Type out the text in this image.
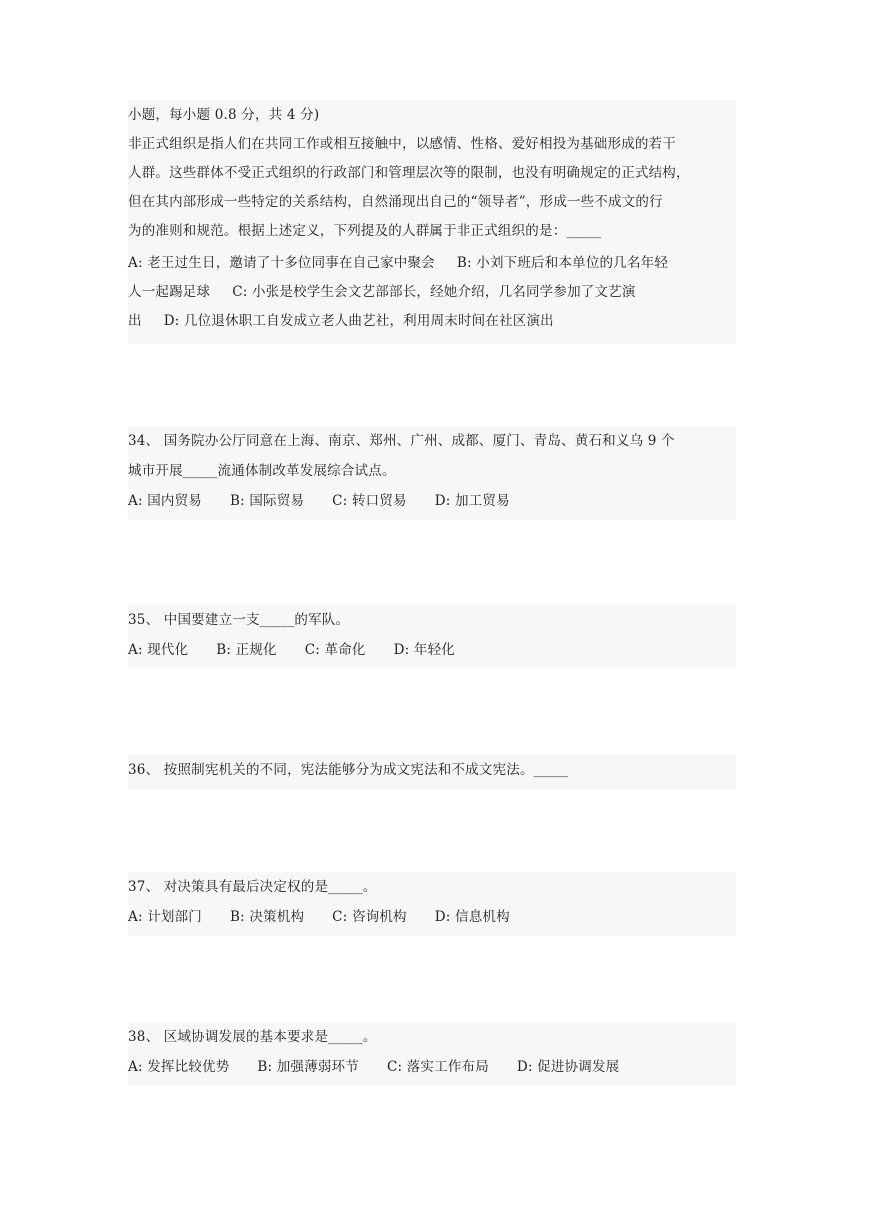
小题，每小题 0.8 分，共 4 分)
非正式组织是指人们在共同工作或相互接触中，以感情、性格、爱好相投为基础形成的若干
人群。这些群体不受正式组织的行政部门和管理层次等的限制，也没有明确规定的正式结构，
但在其内部形成一些特定的关系结构，自然涌现出自己的“领导者”，形成一些不成文的行
为的准则和规范。根据上述定义，下列提及的人群属于非正式组织的是：_____
A: 老王过生日，邀请了十多位同事在自己家中聚会 B: 小刘下班后和本单位的几名年轻
人一起踢足球 C: 小张是校学生会文艺部部长，经她介绍，几名同学参加了文艺演
出 D: 几位退休职工自发成立老人曲艺社，利用周末时间在社区演出
34、 国务院办公厅同意在上海、南京、郑州、广州、成都、厦门、青岛、黄石和义乌 9 个
城市开展_____流通体制改革发展综合试点。
A: 国内贸易 B: 国际贸易 C: 转口贸易 D: 加工贸易
35、 中国要建立一支_____的军队。
A: 现代化 B: 正规化 C: 革命化 D: 年轻化
36、 按照制宪机关的不同，宪法能够分为成文宪法和不成文宪法。_____
37、 对决策具有最后决定权的是_____。
A: 计划部门 B: 决策机构 C: 咨询机构 D: 信息机构
38、 区域协调发展的基本要求是_____。
A: 发挥比较优势 B: 加强薄弱环节 C: 落实工作布局 D: 促进协调发展
